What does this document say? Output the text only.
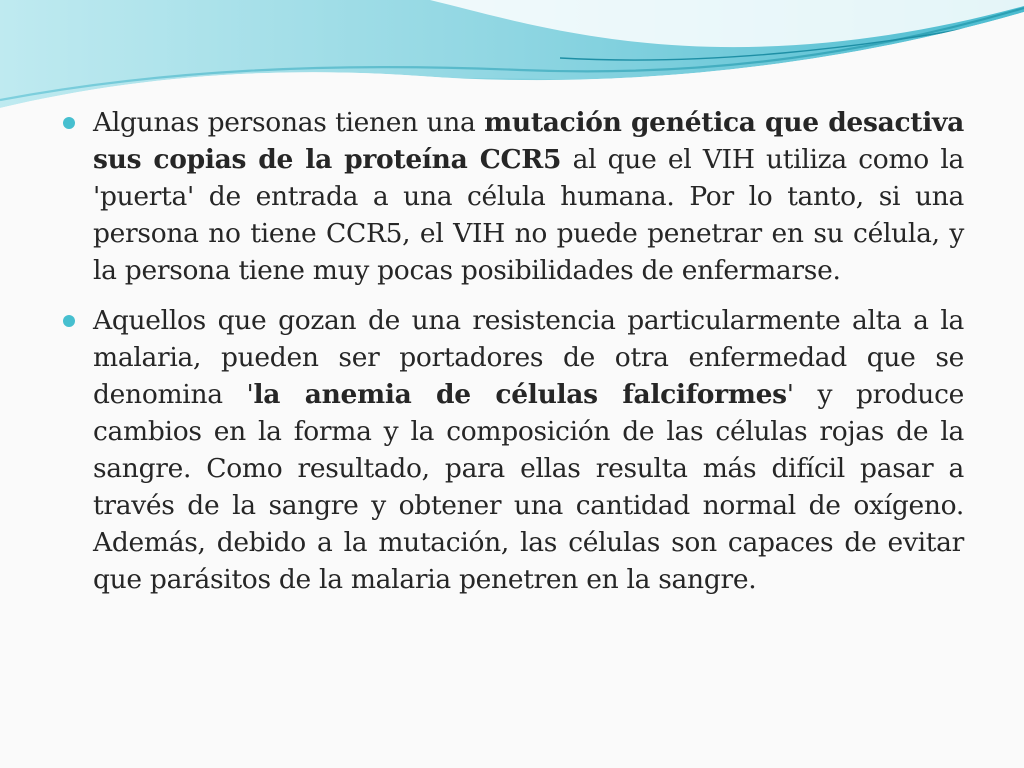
Algunas personas tienen una mutación genética que desactiva sus copias de la proteína CCR5 al que el VIH utiliza como la 'puerta' de entrada a una célula humana. Por lo tanto, si una persona no tiene CCR5, el VIH no puede penetrar en su célula, y la persona tiene muy pocas posibilidades de enfermarse.

Aquellos que gozan de una resistencia particularmente alta a la malaria, pueden ser portadores de otra enfermedad que se denomina 'la anemia de células falciformes' y produce cambios en la forma y la composición de las células rojas de la sangre. Como resultado, para ellas resulta más difícil pasar a través de la sangre y obtener una cantidad normal de oxígeno. Además, debido a la mutación, las células son capaces de evitar que parásitos de la malaria penetren en la sangre.
